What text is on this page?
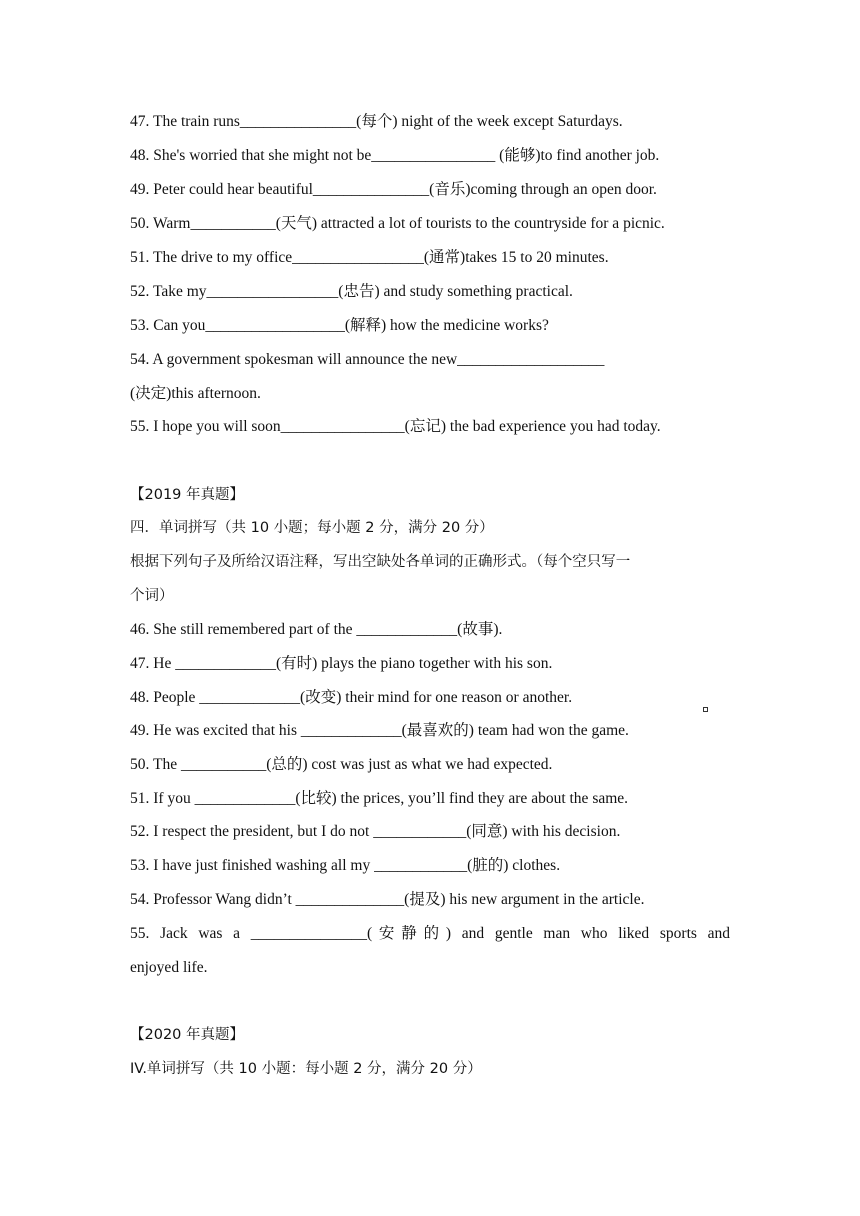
47. The train runs_______________(每个) night of the week except Saturdays.
48. She's worried that she might not be________________ (能够)to find another job.
49. Peter could hear beautiful_______________(音乐)coming through an open door.
50. Warm___________(天气) attracted a lot of tourists to the countryside for a picnic.
51. The drive to my office_________________(通常)takes 15 to 20 minutes.
52. Take my_________________(忠告) and study something practical.
53. Can you__________________(解释) how the medicine works?
54. A government spokesman will announce the new___________________
(决定)this afternoon.
55. I hope you will soon________________(忘记) the bad experience you had today.
【2019 年真题】
四．单词拼写（共 10 小题；每小题 2 分，满分 20 分）
根据下列句子及所给汉语注释，写出空缺处各单词的正确形式。（每个空只写一
个词）
46. She still remembered part of the _____________(故事).
47. He _____________(有时) plays the piano together with his son.
48. People _____________(改变) their mind for one reason or another.
49. He was excited that his _____________(最喜欢的) team had won the game.
50. The ___________(总的) cost was just as what we had expected.
51. If you _____________(比较) the prices, you’ll find they are about the same.
52. I respect the president, but I do not ____________(同意) with his decision.
53. I have just finished washing all my ____________(脏的) clothes.
54. Professor Wang didn’t ______________(提及) his new argument in the article.
55. Jack was a _______________(安静的) and gentle man who liked sports and
enjoyed life.
【2020 年真题】
IV.单词拼写（共 10 小题：每小题 2 分，满分 20 分）
